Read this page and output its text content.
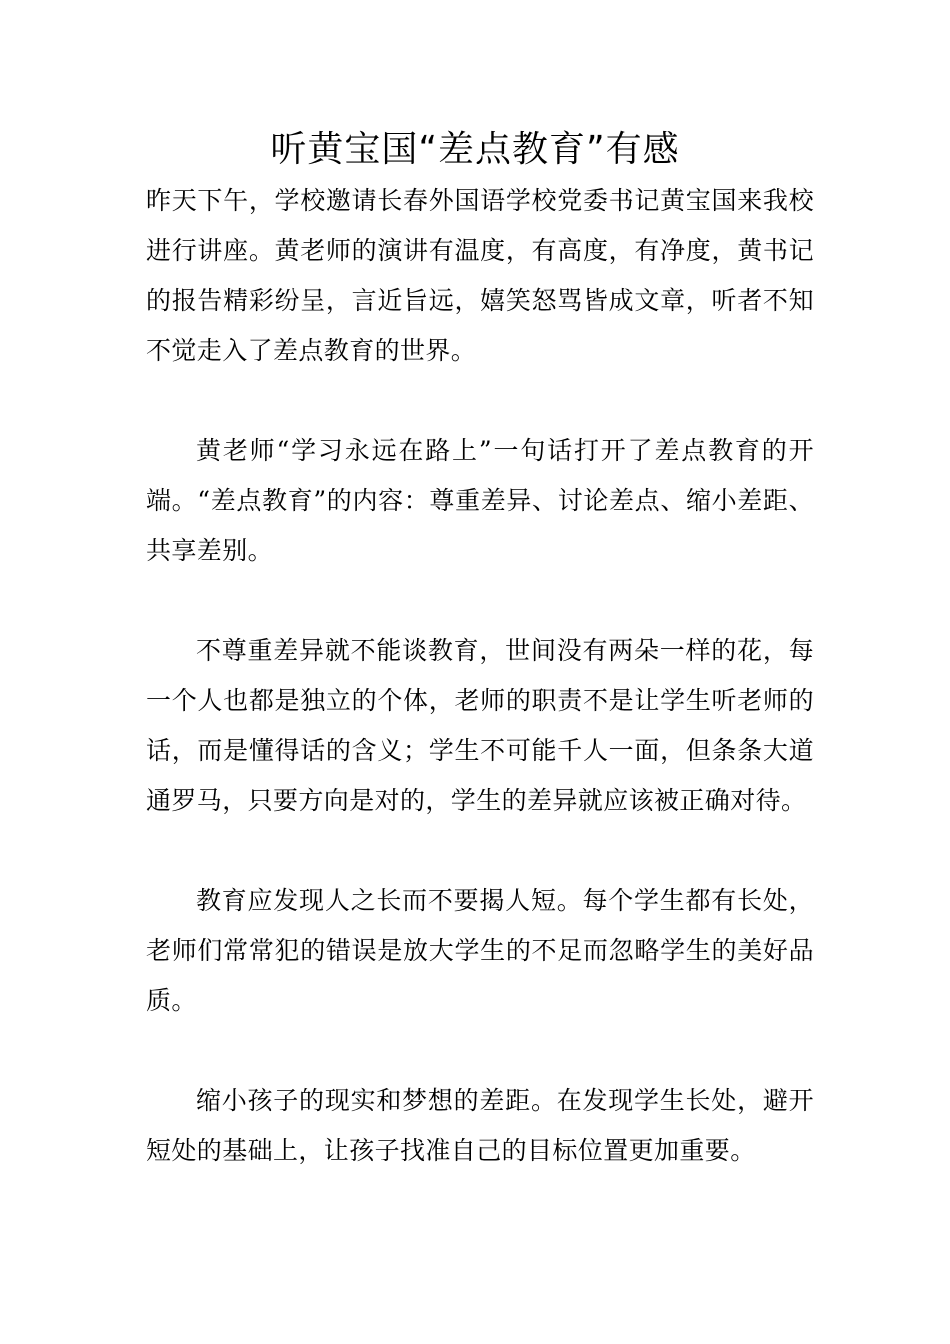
听黄宝国“差点教育”有感

昨天下午，学校邀请长春外国语学校党委书记黄宝国来我校进行讲座。黄老师的演讲有温度，有高度，有净度，黄书记的报告精彩纷呈，言近旨远，嬉笑怒骂皆成文章，听者不知不觉走入了差点教育的世界。

黄老师“学习永远在路上”一句话打开了差点教育的开端。“差点教育”的内容：尊重差异、讨论差点、缩小差距、共享差别。

不尊重差异就不能谈教育，世间没有两朵一样的花，每一个人也都是独立的个体，老师的职责不是让学生听老师的话，而是懂得话的含义；学生不可能千人一面，但条条大道通罗马，只要方向是对的，学生的差异就应该被正确对待。

教育应发现人之长而不要揭人短。每个学生都有长处，老师们常常犯的错误是放大学生的不足而忽略学生的美好品质。

缩小孩子的现实和梦想的差距。在发现学生长处，避开短处的基础上，让孩子找准自己的目标位置更加重要。
